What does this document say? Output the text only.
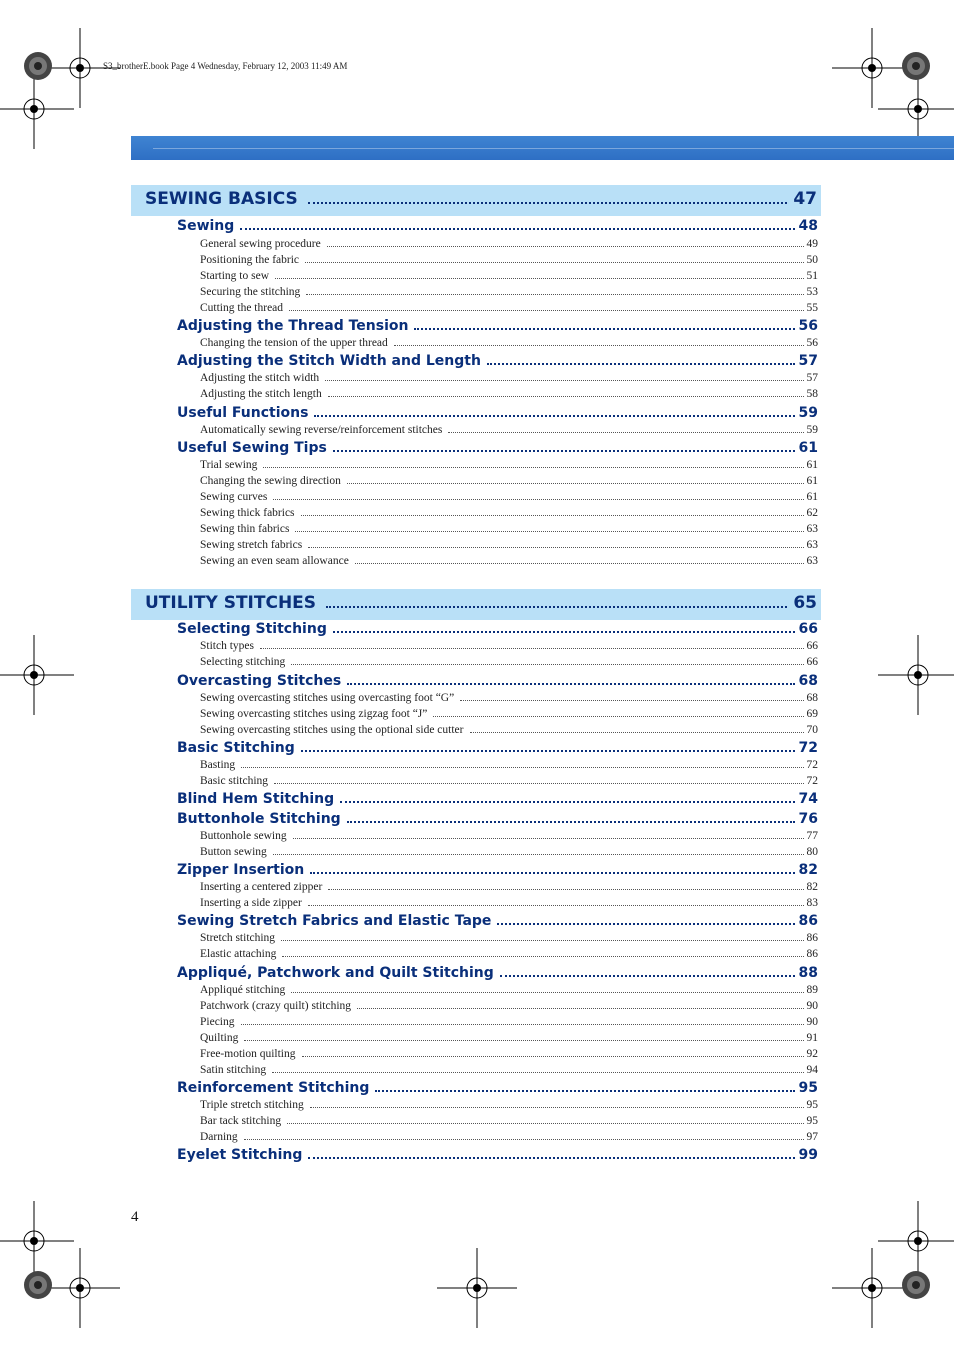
S3_brotherE.book Page 4 Wednesday, February 12, 2003 11:49 AM
SEWING BASICS	47
Sewing	48
General sewing procedure	49
Positioning the fabric	50
Starting to sew	51
Securing the stitching	53
Cutting the thread	55
Adjusting the Thread Tension	56
Changing the tension of the upper thread	56
Adjusting the Stitch Width and Length	57
Adjusting the stitch width	57
Adjusting the stitch length	58
Useful Functions	59
Automatically sewing reverse/reinforcement stitches	59
Useful Sewing Tips	61
Trial sewing	61
Changing the sewing direction	61
Sewing curves	61
Sewing thick fabrics	62
Sewing thin fabrics	63
Sewing stretch fabrics	63
Sewing an even seam allowance	63
UTILITY STITCHES	65
Selecting Stitching	66
Stitch types	66
Selecting stitching	66
Overcasting Stitches	68
Sewing overcasting stitches using overcasting foot “G”	68
Sewing overcasting stitches using zigzag foot “J”	69
Sewing overcasting stitches using the optional side cutter	70
Basic Stitching	72
Basting	72
Basic stitching	72
Blind Hem Stitching	74
Buttonhole Stitching	76
Buttonhole sewing	77
Button sewing	80
Zipper Insertion	82
Inserting a centered zipper	82
Inserting a side zipper	83
Sewing Stretch Fabrics and Elastic Tape	86
Stretch stitching	86
Elastic attaching	86
Appliqué, Patchwork and Quilt Stitching	88
Appliqué stitching	89
Patchwork (crazy quilt) stitching	90
Piecing	90
Quilting	91
Free-motion quilting	92
Satin stitching	94
Reinforcement Stitching	95
Triple stretch stitching	95
Bar tack stitching	95
Darning	97
Eyelet Stitching	99
4
